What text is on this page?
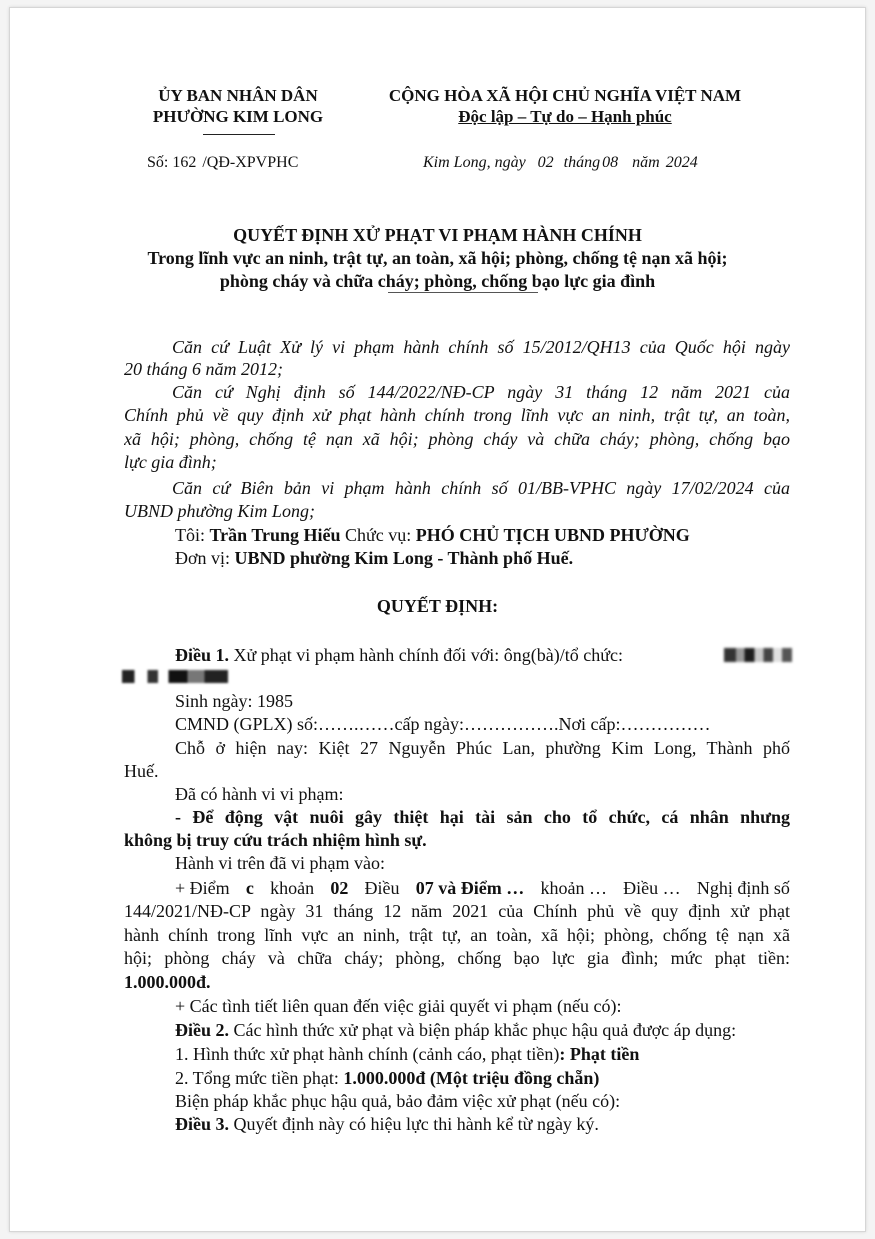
ỦY BAN NHÂN DÂN
PHƯỜNG KIM LONG
CỘNG HÒA XÃ HỘI CHỦ NGHĨA VIỆT NAM
Độc lập – Tự do – Hạnh phúc
Số: 162 /QĐ-XPVPHC	Kim Long, ngày 02 tháng 08 năm 2024
QUYẾT ĐỊNH XỬ PHẠT VI PHẠM HÀNH CHÍNH
Trong lĩnh vực an ninh, trật tự, an toàn, xã hội; phòng, chống tệ nạn xã hội;
phòng cháy và chữa cháy; phòng, chống bạo lực gia đình
Căn cứ Luật Xử lý vi phạm hành chính số 15/2012/QH13 của Quốc hội ngày
20 tháng 6 năm 2012;
Căn cứ Nghị định số 144/2022/NĐ-CP ngày 31 tháng 12 năm 2021 của
Chính phủ về quy định xử phạt hành chính trong lĩnh vực an ninh, trật tự, an toàn,
xã hội; phòng, chống tệ nạn xã hội; phòng cháy và chữa cháy; phòng, chống bạo
lực gia đình;
Căn cứ Biên bản vi phạm hành chính số 01/BB-VPHC ngày 17/02/2024 của
UBND phường Kim Long;
Tôi: Trần Trung Hiếu Chức vụ: PHÓ CHỦ TỊCH UBND PHƯỜNG
Đơn vị: UBND phường Kim Long - Thành phố Huế.
QUYẾT ĐỊNH:
Điều 1. Xử phạt vi phạm hành chính đối với: ông(bà)/tổ chức:
Sinh ngày: 1985
CMND (GPLX) số:…….……cấp ngày:…………….Nơi cấp:……………
Chỗ ở hiện nay: Kiệt 27 Nguyễn Phúc Lan, phường Kim Long, Thành phố
Huế.
Đã có hành vi vi phạm:
- Để động vật nuôi gây thiệt hại tài sản cho tổ chức, cá nhân nhưng
không bị truy cứu trách nhiệm hình sự.
Hành vi trên đã vi phạm vào:
+ Điểm c khoản 02 Điều 07 và Điểm … khoản … Điều … Nghị định số
144/2021/NĐ-CP ngày 31 tháng 12 năm 2021 của Chính phủ về quy định xử phạt
hành chính trong lĩnh vực an ninh, trật tự, an toàn, xã hội; phòng, chống tệ nạn xã
hội; phòng cháy và chữa cháy; phòng, chống bạo lực gia đình; mức phạt tiền:
1.000.000đ.
+ Các tình tiết liên quan đến việc giải quyết vi phạm (nếu có):
Điều 2. Các hình thức xử phạt và biện pháp khắc phục hậu quả được áp dụng:
1. Hình thức xử phạt hành chính (cảnh cáo, phạt tiền): Phạt tiền
2. Tổng mức tiền phạt: 1.000.000đ (Một triệu đồng chẵn)
Biện pháp khắc phục hậu quả, bảo đảm việc xử phạt (nếu có):
Điều 3. Quyết định này có hiệu lực thi hành kể từ ngày ký.
